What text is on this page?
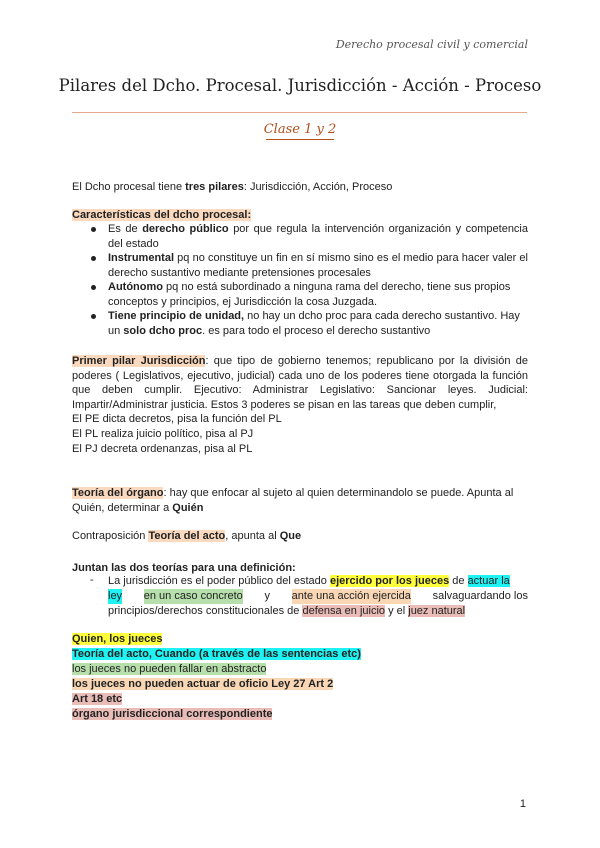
Derecho procesal civil y comercial
Pilares del Dcho. Procesal. Jurisdicción - Acción - Proceso
Clase 1 y 2
El Dcho procesal tiene tres pilares: Jurisdicción, Acción, Proceso
Características del dcho procesal:
Es de derecho público por que regula la intervención organización y competencia del estado
Instrumental pq no constituye un fin en sí mismo sino es el medio para hacer valer el derecho sustantivo mediante pretensiones procesales
Autónomo pq no está subordinado a ninguna rama del derecho, tiene sus propios conceptos y principios, ej Jurisdicción la cosa Juzgada.
Tiene principio de unidad, no hay un dcho proc para cada derecho sustantivo. Hay un solo dcho proc. es para todo el proceso el derecho sustantivo
Primer pilar Jurisdicción: que tipo de gobierno tenemos; republicano por la división de poderes ( Legislativos, ejecutivo, judicial) cada uno de los poderes tiene otorgada la función que deben cumplir. Ejecutivo: Administrar Legislativo: Sancionar leyes. Judicial: Impartir/Administrar justicia. Estos 3 poderes se pisan en las tareas que deben cumplir,
El PE dicta decretos, pisa la función del PL
El PL realiza juicio político, pisa al PJ
El PJ decreta ordenanzas, pisa al PL
Teoría del órgano: hay que enfocar al sujeto al quien determinandolo se puede. Apunta al Quién, determinar a Quién
Contraposición Teoría del acto, apunta al Que
Juntan las dos teorías para una definición:
- La jurisdicción es el poder público del estado ejercido por los jueces de actuar la
ley en un caso concreto y ante una acción ejercida salvaguardando los
principios/derechos constitucionales de defensa en juicio y el juez natural
Quien, los jueces
Teoría del acto, Cuando (a través de las sentencias etc)
los jueces no pueden fallar en abstracto
los jueces no pueden actuar de oficio Ley 27 Art 2
Art 18 etc
órgano jurisdiccional correspondiente
1
